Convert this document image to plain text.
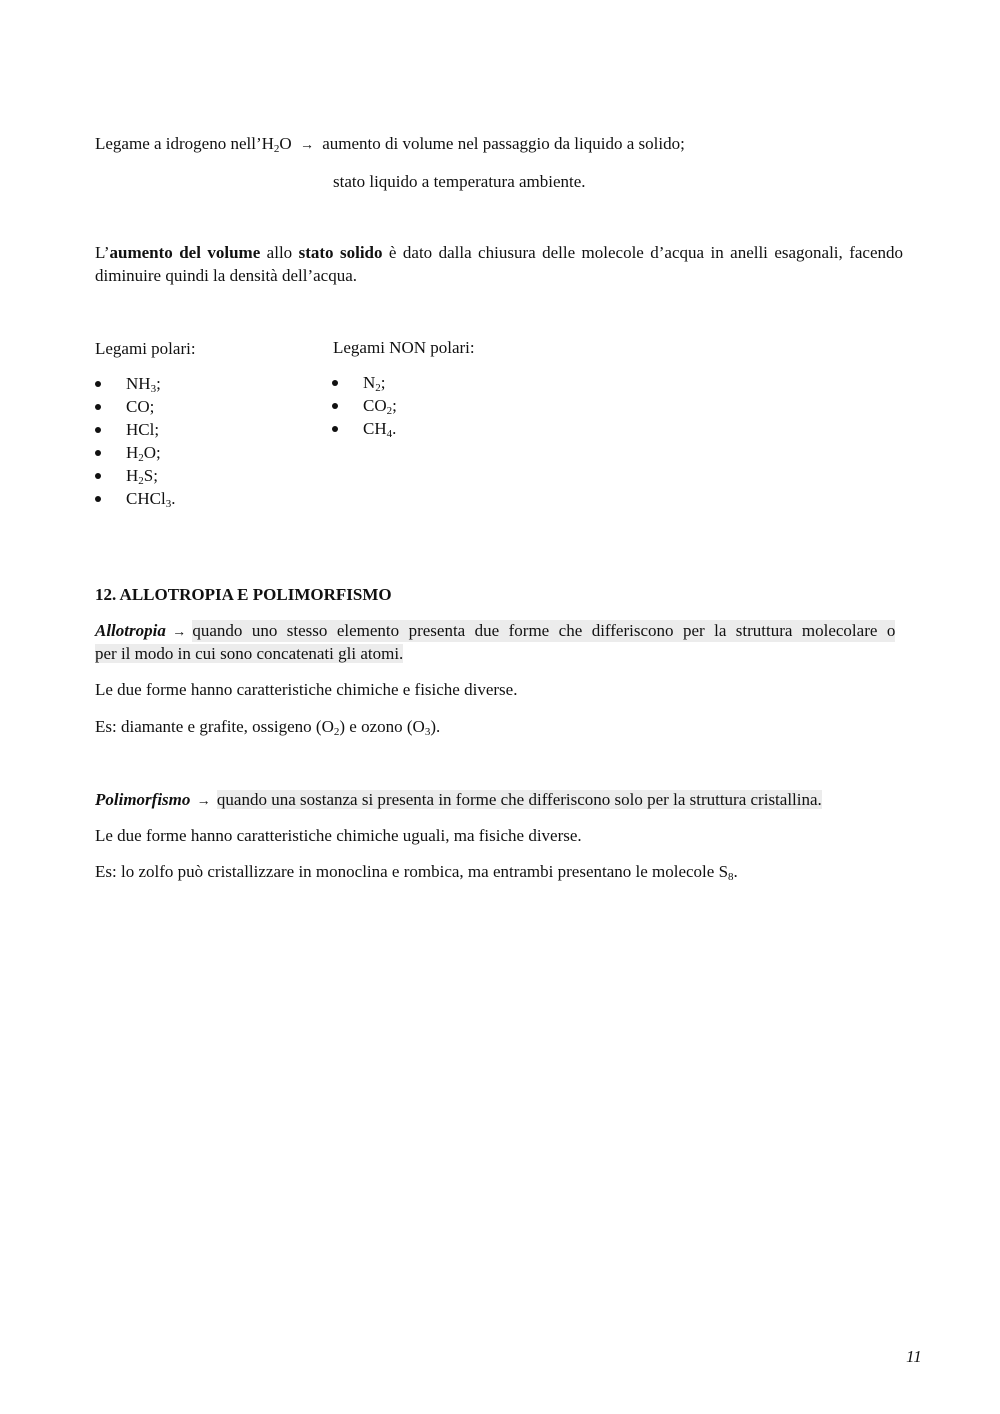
Legame a idrogeno $nell’H_2O$ → aumento di volume nel passaggio da liquido a solido;
stato liquido a temperatura ambiente.
L’aumento del volume allo stato solido è dato dalla chiusura delle molecole d’acqua in anelli esagonali, facendo diminuire quindi la densità dell’acqua.
Legami polari:
$NH_3$;
CO;
HCl;
$H_2O$;
$H_2S$;
CHCl$_3$.
Legami NON polari:
$N_2$;
$CO_2$;
$CH_4$.
12. ALLOTROPIA E POLIMORFISMO
Allotropia → quando uno stesso elemento presenta due forme che differiscono per la struttura molecolare o
per il modo in cui sono concatenati gli atomi.
Le due forme hanno caratteristiche chimiche e fisiche diverse.
Es: diamante e grafite, ossigeno $(O_2)$ e ozono $(O_3)$.
Polimorfismo → quando una sostanza si presenta in forme che differiscono solo per la struttura cristallina.
Le due forme hanno caratteristiche chimiche uguali, ma fisiche diverse.
Es: lo zolfo può cristallizzare in monoclina e rombica, ma entrambi presentano le molecole $S_8$.
11
